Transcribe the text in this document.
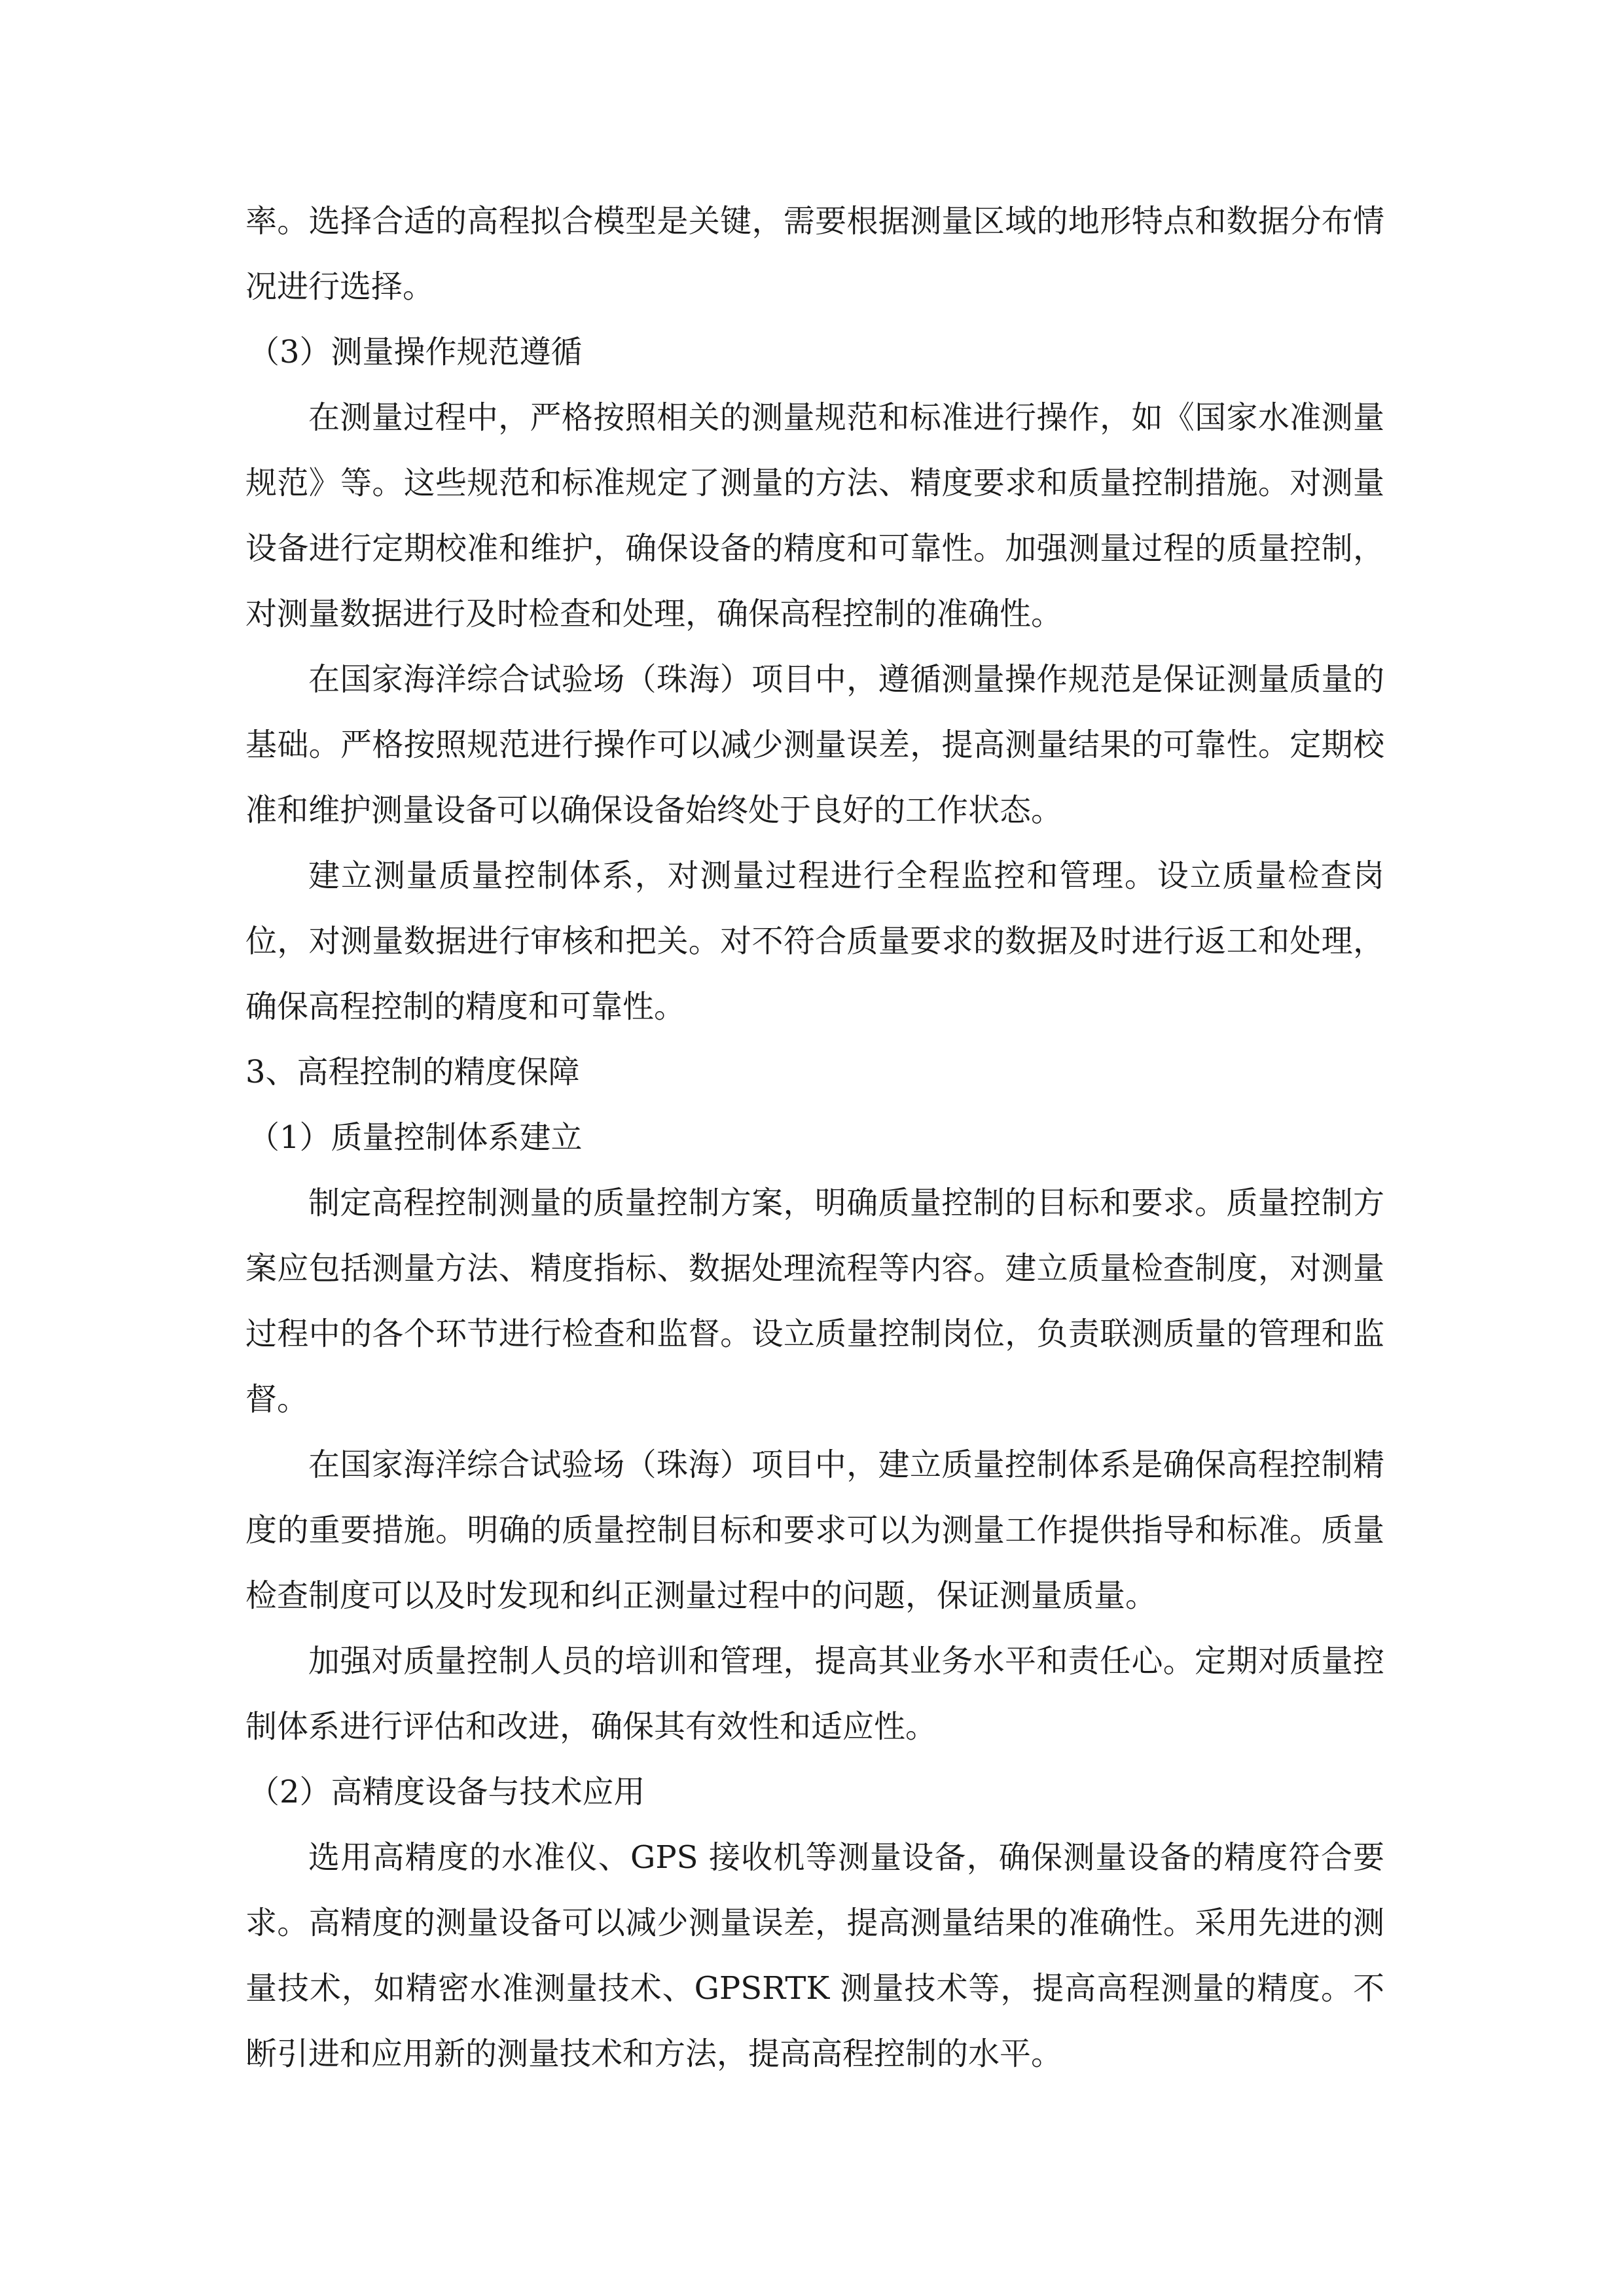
率。选择合适的高程拟合模型是关键，需要根据测量区域的地形特点和数据分布情况进行选择。

（3）测量操作规范遵循

在测量过程中，严格按照相关的测量规范和标准进行操作，如《国家水准测量规范》等。这些规范和标准规定了测量的方法、精度要求和质量控制措施。对测量设备进行定期校准和维护，确保设备的精度和可靠性。加强测量过程的质量控制，对测量数据进行及时检查和处理，确保高程控制的准确性。

在国家海洋综合试验场（珠海）项目中，遵循测量操作规范是保证测量质量的基础。严格按照规范进行操作可以减少测量误差，提高测量结果的可靠性。定期校准和维护测量设备可以确保设备始终处于良好的工作状态。

建立测量质量控制体系，对测量过程进行全程监控和管理。设立质量检查岗位，对测量数据进行审核和把关。对不符合质量要求的数据及时进行返工和处理，确保高程控制的精度和可靠性。

3、高程控制的精度保障

（1）质量控制体系建立

制定高程控制测量的质量控制方案，明确质量控制的目标和要求。质量控制方案应包括测量方法、精度指标、数据处理流程等内容。建立质量检查制度，对测量过程中的各个环节进行检查和监督。设立质量控制岗位，负责联测质量的管理和监督。

在国家海洋综合试验场（珠海）项目中，建立质量控制体系是确保高程控制精度的重要措施。明确的质量控制目标和要求可以为测量工作提供指导和标准。质量检查制度可以及时发现和纠正测量过程中的问题，保证测量质量。

加强对质量控制人员的培训和管理，提高其业务水平和责任心。定期对质量控制体系进行评估和改进，确保其有效性和适应性。

（2）高精度设备与技术应用

选用高精度的水准仪、GPS 接收机等测量设备，确保测量设备的精度符合要求。高精度的测量设备可以减少测量误差，提高测量结果的准确性。采用先进的测量技术，如精密水准测量技术、GPSRTK 测量技术等，提高高程测量的精度。不断引进和应用新的测量技术和方法，提高高程控制的水平。
